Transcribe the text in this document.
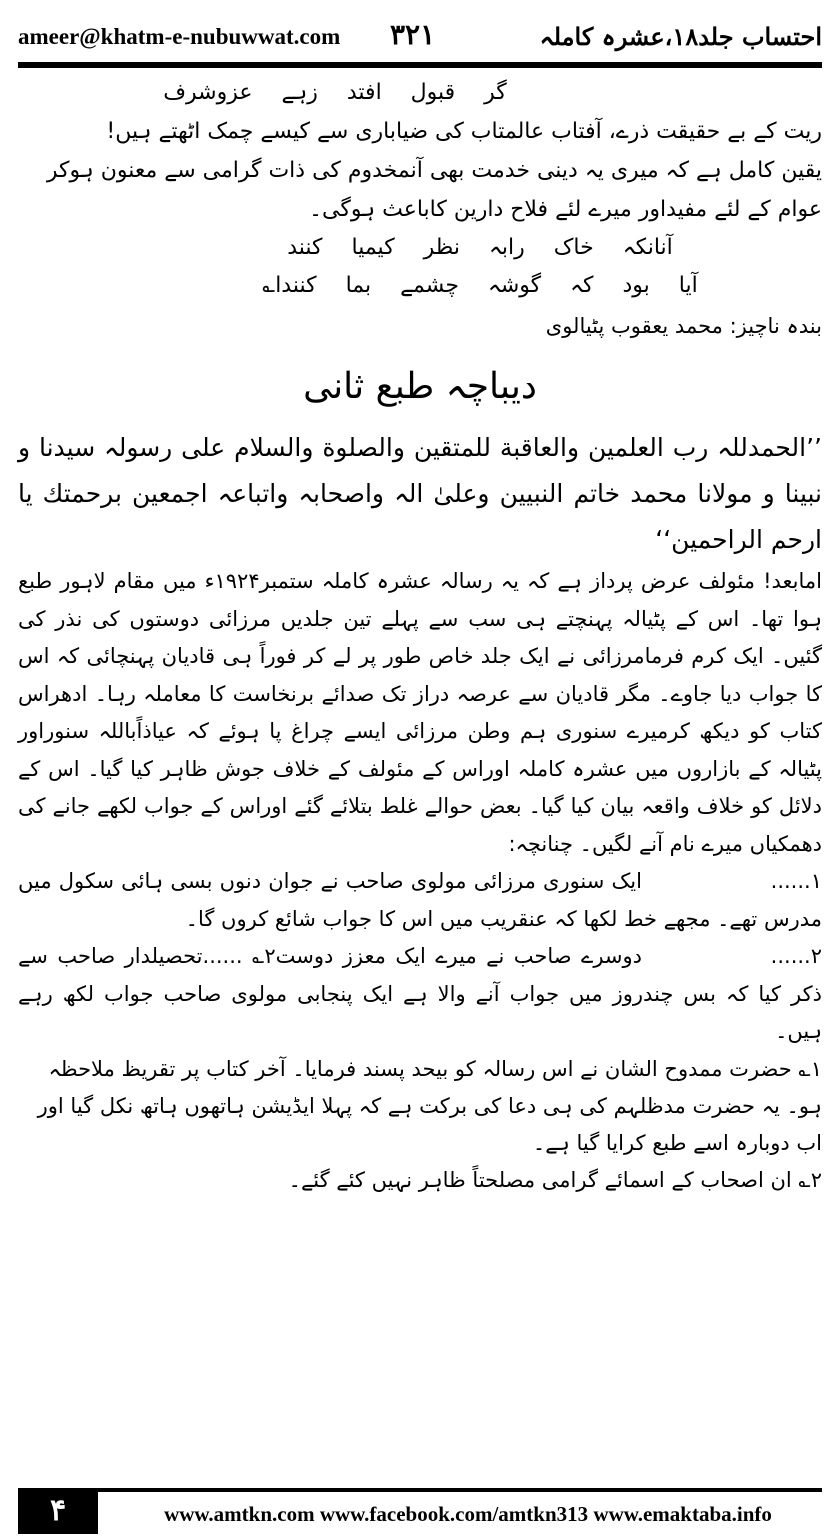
ameer@khatm-e-nubuwwat.com ۳۲۱	احتساب جلد۱۸،عشرہ کاملہ

گر قبول افتد زہے عزوشرف

ریت کے بے حقیقت ذرے، آفتاب عالمتاب کی ضیاباری سے کیسے چمک اٹھتے ہیں!

یقین کامل ہے کہ میری یہ دینی خدمت بھی آنمخدوم کی ذات گرامی سے معنون ہوکر عوام کے لئے مفیداور میرے لئے فلاح دارین کاباعث ہوگی۔

آنانکہ خاک رابہ نظر کیمیا کنند

آیا بود کہ گوشہ چشمے بما کنندا؎

بندہ ناچیز: محمد یعقوب پٹیالوی

دیباچہ طبع ثانی

’’الحمدللہ رب العلمین والعاقبة للمتقین والصلوة والسلام علی رسولہ سیدنا و نبینا و مولانا محمد خاتم النبیین وعلیٰ الہ واصحابہ واتباعہ اجمعین برحمتك یا ارحم الراحمین‘‘

امابعد! مئولف عرض پرداز ہے کہ یہ رسالہ عشرہ کاملہ ستمبر۱۹۲۴ء میں مقام لاہور طبع ہوا تھا۔ اس کے پٹیالہ پہنچتے ہی سب سے پہلے تین جلدیں مرزائی دوستوں کی نذر کی گئیں۔ ایک کرم فرمامرزائی نے ایک جلد خاص طور پر لے کر فوراً ہی قادیان پہنچائی کہ اس کا جواب دیا جاوے۔ مگر قادیان سے عرصہ دراز تک صدائے برنخاست کا معاملہ رہا۔ ادھراس کتاب کو دیکھ کرمیرے سنوری ہم وطن مرزائی ایسے چراغ پا ہوئے کہ عیاذاًباللہ سنوراور پٹیالہ کے بازاروں میں عشرہ کاملہ اوراس کے مئولف کے خلاف جوش ظاہر کیا گیا۔ اس کے دلائل کو خلاف واقعہ بیان کیا گیا۔ بعض حوالے غلط بتلائے گئے اوراس کے جواب لکھے جانے کی دھمکیاں میرے نام آنے لگیں۔ چنانچہ:

۱......ایک سنوری مرزائی مولوی صاحب نے جوان دنوں بسی ہائی سکول میں مدرس تھے۔ مجھے خط لکھا کہ عنقریب میں اس کا جواب شائع کروں گا۔

۲......دوسرے صاحب نے میرے ایک معزز دوست۲؎ ......تحصیلدار صاحب سے ذکر کیا کہ بس چندروز میں جواب آنے والا ہے ایک پنجابی مولوی صاحب جواب لکھ رہے ہیں۔

۱؎ حضرت ممدوح الشان نے اس رسالہ کو بیحد پسند فرمایا۔ آخر کتاب پر تقریظ ملاحظہ ہو۔ یہ حضرت مدظلہم کی ہی دعا کی برکت ہے کہ پہلا ایڈیشن ہاتھوں ہاتھ نکل گیا اور اب دوبارہ اسے طبع کرایا گیا ہے۔

۲؎ ان اصحاب کے اسمائے گرامی مصلحتاً ظاہر نہیں کئے گئے۔

۴	www.amtkn.com www.facebook.com/amtkn313 www.emaktaba.info
